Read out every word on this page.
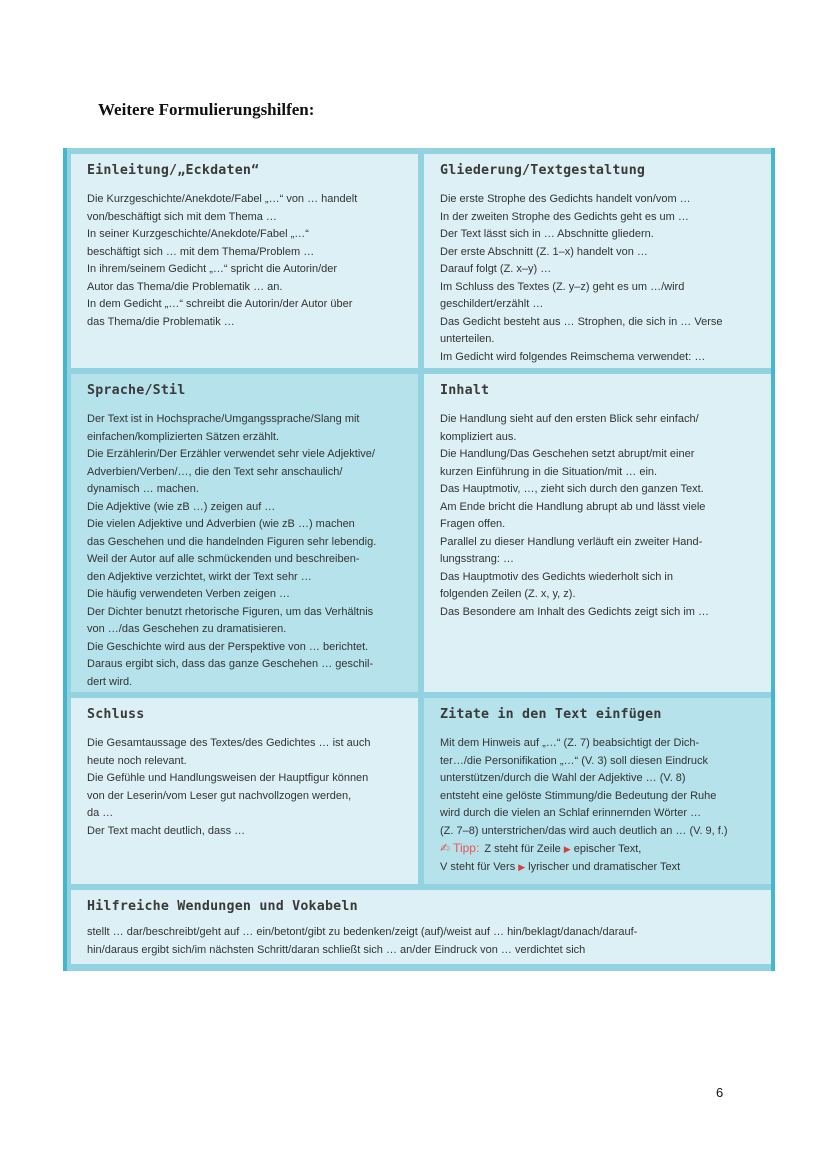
Weitere Formulierungshilfen:
Einleitung/„Eckdaten“
Die Kurzgeschichte/Anekdote/Fabel „…“ von … handelt
von/beschäftigt sich mit dem Thema …
In seiner Kurzgeschichte/Anekdote/Fabel „…“
beschäftigt sich … mit dem Thema/Problem …
In ihrem/seinem Gedicht „…“ spricht die Autorin/der
Autor das Thema/die Problematik … an.
In dem Gedicht „…“ schreibt die Autorin/der Autor über
das Thema/die Problematik …
Gliederung/Textgestaltung
Die erste Strophe des Gedichts handelt von/vom …
In der zweiten Strophe des Gedichts geht es um …
Der Text lässt sich in … Abschnitte gliedern.
Der erste Abschnitt (Z. 1–x) handelt von …
Darauf folgt (Z. x–y) …
Im Schluss des Textes (Z. y–z) geht es um …/wird
geschildert/erzählt …
Das Gedicht besteht aus … Strophen, die sich in … Verse
unterteilen.
Im Gedicht wird folgendes Reimschema verwendet: …
Sprache/Stil
Der Text ist in Hochsprache/Umgangssprache/Slang mit
einfachen/komplizierten Sätzen erzählt.
Die Erzählerin/Der Erzähler verwendet sehr viele Adjektive/
Adverbien/Verben/…, die den Text sehr anschaulich/
dynamisch … machen.
Die Adjektive (wie zB …) zeigen auf …
Die vielen Adjektive und Adverbien (wie zB …) machen
das Geschehen und die handelnden Figuren sehr lebendig.
Weil der Autor auf alle schmückenden und beschreiben-
den Adjektive verzichtet, wirkt der Text sehr …
Die häufig verwendeten Verben zeigen …
Der Dichter benutzt rhetorische Figuren, um das Verhältnis
von …/das Geschehen zu dramatisieren.
Die Geschichte wird aus der Perspektive von … berichtet.
Daraus ergibt sich, dass das ganze Geschehen … geschil-
dert wird.
Inhalt
Die Handlung sieht auf den ersten Blick sehr einfach/
kompliziert aus.
Die Handlung/Das Geschehen setzt abrupt/mit einer
kurzen Einführung in die Situation/mit … ein.
Das Hauptmotiv, …, zieht sich durch den ganzen Text.
Am Ende bricht die Handlung abrupt ab und lässt viele
Fragen offen.
Parallel zu dieser Handlung verläuft ein zweiter Hand-
lungsstrang: …
Das Hauptmotiv des Gedichts wiederholt sich in
folgenden Zeilen (Z. x, y, z).
Das Besondere am Inhalt des Gedichts zeigt sich im …
Schluss
Die Gesamtaussage des Textes/des Gedichtes … ist auch
heute noch relevant.
Die Gefühle und Handlungsweisen der Hauptfigur können
von der Leserin/vom Leser gut nachvollzogen werden,
da …
Der Text macht deutlich, dass …
Zitate in den Text einfügen
Mit dem Hinweis auf „…“ (Z. 7) beabsichtigt der Dich-
ter…/die Personifikation „…“ (V. 3) soll diesen Eindruck
unterstützen/durch die Wahl der Adjektive … (V. 8)
entsteht eine gelöste Stimmung/die Bedeutung der Ruhe
wird durch die vielen an Schlaf erinnernden Wörter …
(Z. 7–8) unterstrichen/das wird auch deutlich an … (V. 9, f.)
✍ Tipp: Z steht für Zeile ▶ epischer Text,
V steht für Vers ▶ lyrischer und dramatischer Text
Hilfreiche Wendungen und Vokabeln
stellt … dar/beschreibt/geht auf … ein/betont/gibt zu bedenken/zeigt (auf)/weist auf … hin/beklagt/danach/darauf-
hin/daraus ergibt sich/im nächsten Schritt/daran schließt sich … an/der Eindruck von … verdichtet sich
6
